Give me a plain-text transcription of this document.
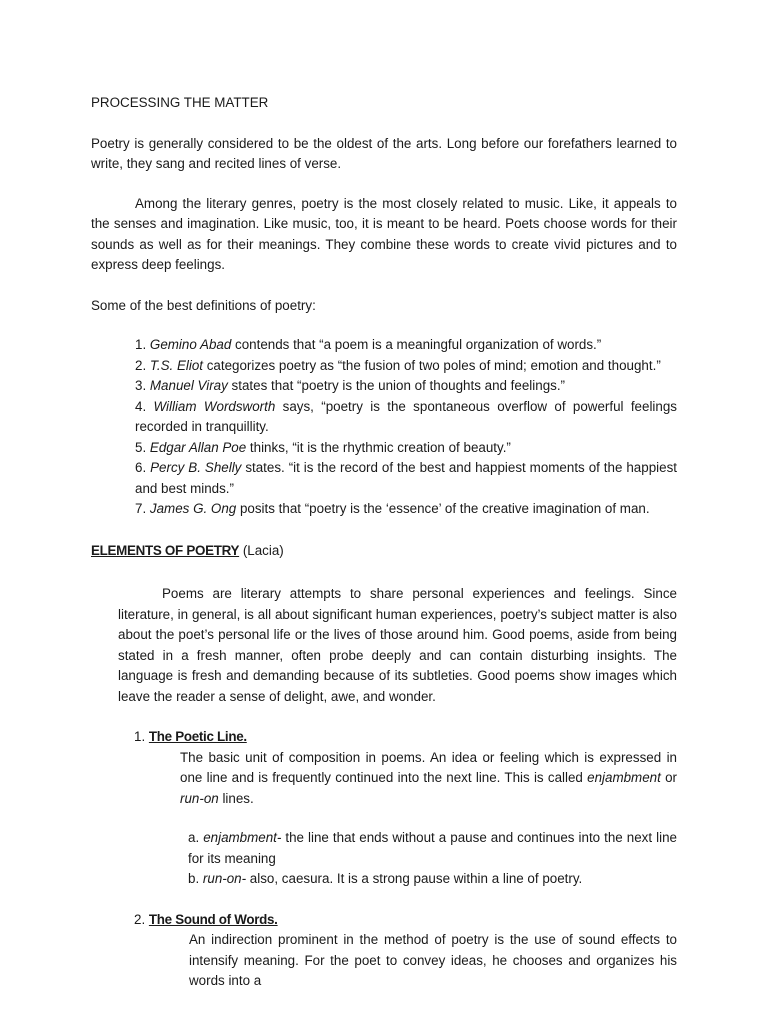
PROCESSING THE MATTER

Poetry is generally considered to be the oldest of the arts. Long before our forefathers learned to write, they sang and recited lines of verse.

Among the literary genres, poetry is the most closely related to music. Like, it appeals to the senses and imagination. Like music, too, it is meant to be heard. Poets choose words for their sounds as well as for their meanings. They combine these words to create vivid pictures and to express deep feelings.

Some of the best definitions of poetry:

1. Gemino Abad contends that “a poem is a meaningful organization of words.”

2. T.S. Eliot categorizes poetry as “the fusion of two poles of mind; emotion and thought.”

3. Manuel Viray states that “poetry is the union of thoughts and feelings.”

4. William Wordsworth says, “poetry is the spontaneous overflow of powerful feelings recorded in tranquillity.

5. Edgar Allan Poe thinks, “it is the rhythmic creation of beauty.”

6. Percy B. Shelly states. “it is the record of the best and happiest moments of the happiest and best minds.”

7. James G. Ong posits that “poetry is the ‘essence’ of the creative imagination of man.

ELEMENTS OF POETRY (Lacia)

Poems are literary attempts to share personal experiences and feelings. Since literature, in general, is all about significant human experiences, poetry’s subject matter is also about the poet’s personal life or the lives of those around him. Good poems, aside from being stated in a fresh manner, often probe deeply and can contain disturbing insights. The language is fresh and demanding because of its subtleties. Good poems show images which leave the reader a sense of delight, awe, and wonder.

1. The Poetic Line.

The basic unit of composition in poems. An idea or feeling which is expressed in one line and is frequently continued into the next line. This is called enjambment or run-on lines.

a. enjambment- the line that ends without a pause and continues into the next line for its meaning

b. run-on- also, caesura. It is a strong pause within a line of poetry.

2. The Sound of Words.

An indirection prominent in the method of poetry is the use of sound effects to intensify meaning. For the poet to convey ideas, he chooses and organizes his words into a
